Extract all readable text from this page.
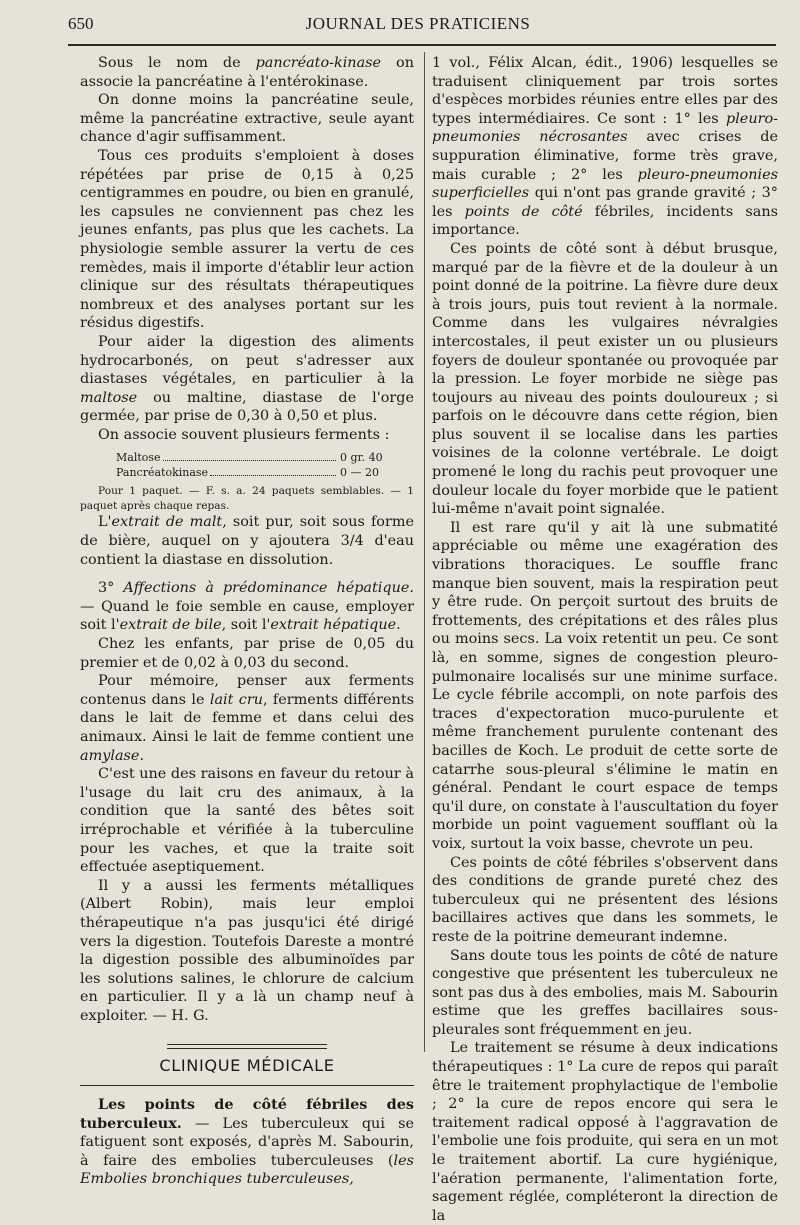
650	JOURNAL DES PRATICIENS

Sous le nom de pancréato-kinase on associe la pancréatine à l'entérokinase.

On donne moins la pancréatine seule, même la pancréatine extractive, seule ayant chance d'agir suffisamment.

Tous ces produits s'emploient à doses répétées par prise de 0,15 à 0,25 centigrammes en poudre, ou bien en granulé, les capsules ne conviennent pas chez les jeunes enfants, pas plus que les cachets. La physiologie semble assurer la vertu de ces remèdes, mais il importe d'établir leur action clinique sur des résultats thérapeutiques nombreux et des analyses portant sur les résidus digestifs.

Pour aider la digestion des aliments hydrocarbonés, on peut s'adresser aux diastases végétales, en particulier à la maltose ou maltine, diastase de l'orge germée, par prise de 0,30 à 0,50 et plus.

On associe souvent plusieurs ferments :

Maltose	0 gr. 40
Pancréatokinase	0 — 20

Pour 1 paquet. — F. s. a. 24 paquets semblables. — 1 paquet après chaque repas.

L'extrait de malt, soit pur, soit sous forme de bière, auquel on y ajoutera 3/4 d'eau contient la diastase en dissolution.

3° Affections à prédominance hépatique. — Quand le foie semble en cause, employer soit l'extrait de bile, soit l'extrait hépatique.

Chez les enfants, par prise de 0,05 du premier et de 0,02 à 0,03 du second.

Pour mémoire, penser aux ferments contenus dans le lait cru, ferments différents dans le lait de femme et dans celui des animaux. Ainsi le lait de femme contient une amylase.

C'est une des raisons en faveur du retour à l'usage du lait cru des animaux, à la condition que la santé des bêtes soit irréprochable et vérifiée à la tuberculine pour les vaches, et que la traite soit effectuée aseptiquement.

Il y a aussi les ferments métalliques (Albert Robin), mais leur emploi thérapeutique n'a pas jusqu'ici été dirigé vers la digestion. Toutefois Dareste a montré la digestion possible des albuminoïdes par les solutions salines, le chlorure de calcium en particulier. Il y a là un champ neuf à exploiter. — H. G.

CLINIQUE MÉDICALE

Les points de côté fébriles des tuberculeux. — Les tuberculeux qui se fatiguent sont exposés, d'après M. Sabourin, à faire des embolies tuberculeuses (les Embolies bronchiques tuberculeuses,

1 vol., Félix Alcan, édit., 1906) lesquelles se traduisent cliniquement par trois sortes d'espèces morbides réunies entre elles par des types intermédiaires. Ce sont : 1° les pleuro-pneumonies nécrosantes avec crises de suppuration éliminative, forme très grave, mais curable ; 2° les pleuro-pneumonies superficielles qui n'ont pas grande gravité ; 3° les points de côté fébriles, incidents sans importance.

Ces points de côté sont à début brusque, marqué par de la fièvre et de la douleur à un point donné de la poitrine. La fièvre dure deux à trois jours, puis tout revient à la normale. Comme dans les vulgaires névralgies intercostales, il peut exister un ou plusieurs foyers de douleur spontanée ou provoquée par la pression. Le foyer morbide ne siège pas toujours au niveau des points douloureux ; si parfois on le découvre dans cette région, bien plus souvent il se localise dans les parties voisines de la colonne vertébrale. Le doigt promené le long du rachis peut provoquer une douleur locale du foyer morbide que le patient lui-même n'avait point signalée.

Il est rare qu'il y ait là une submatité appréciable ou même une exagération des vibrations thoraciques. Le souffle franc manque bien souvent, mais la respiration peut y être rude. On perçoit surtout des bruits de frottements, des crépitations et des râles plus ou moins secs. La voix retentit un peu. Ce sont là, en somme, signes de congestion pleuro-pulmonaire localisés sur une minime surface. Le cycle fébrile accompli, on note parfois des traces d'expectoration muco-purulente et même franchement purulente contenant des bacilles de Koch. Le produit de cette sorte de catarrhe sous-pleural s'élimine le matin en général. Pendant le court espace de temps qu'il dure, on constate à l'auscultation du foyer morbide un point vaguement soufflant où la voix, surtout la voix basse, chevrote un peu.

Ces points de côté fébriles s'observent dans des conditions de grande pureté chez des tuberculeux qui ne présentent des lésions bacillaires actives que dans les sommets, le reste de la poitrine demeurant indemne.

Sans doute tous les points de côté de nature congestive que présentent les tuberculeux ne sont pas dus à des embolies, mais M. Sabourin estime que les greffes bacillaires sous-pleurales sont fréquemment en jeu.

Le traitement se résume à deux indications thérapeutiques : 1° La cure de repos qui paraît être le traitement prophylactique de l'embolie ; 2° la cure de repos encore qui sera le traitement radical opposé à l'aggravation de l'embolie une fois produite, qui sera en un mot le traitement abortif. La cure hygiénique, l'aération permanente, l'alimentation forte, sagement réglée, compléteront la direction de la
